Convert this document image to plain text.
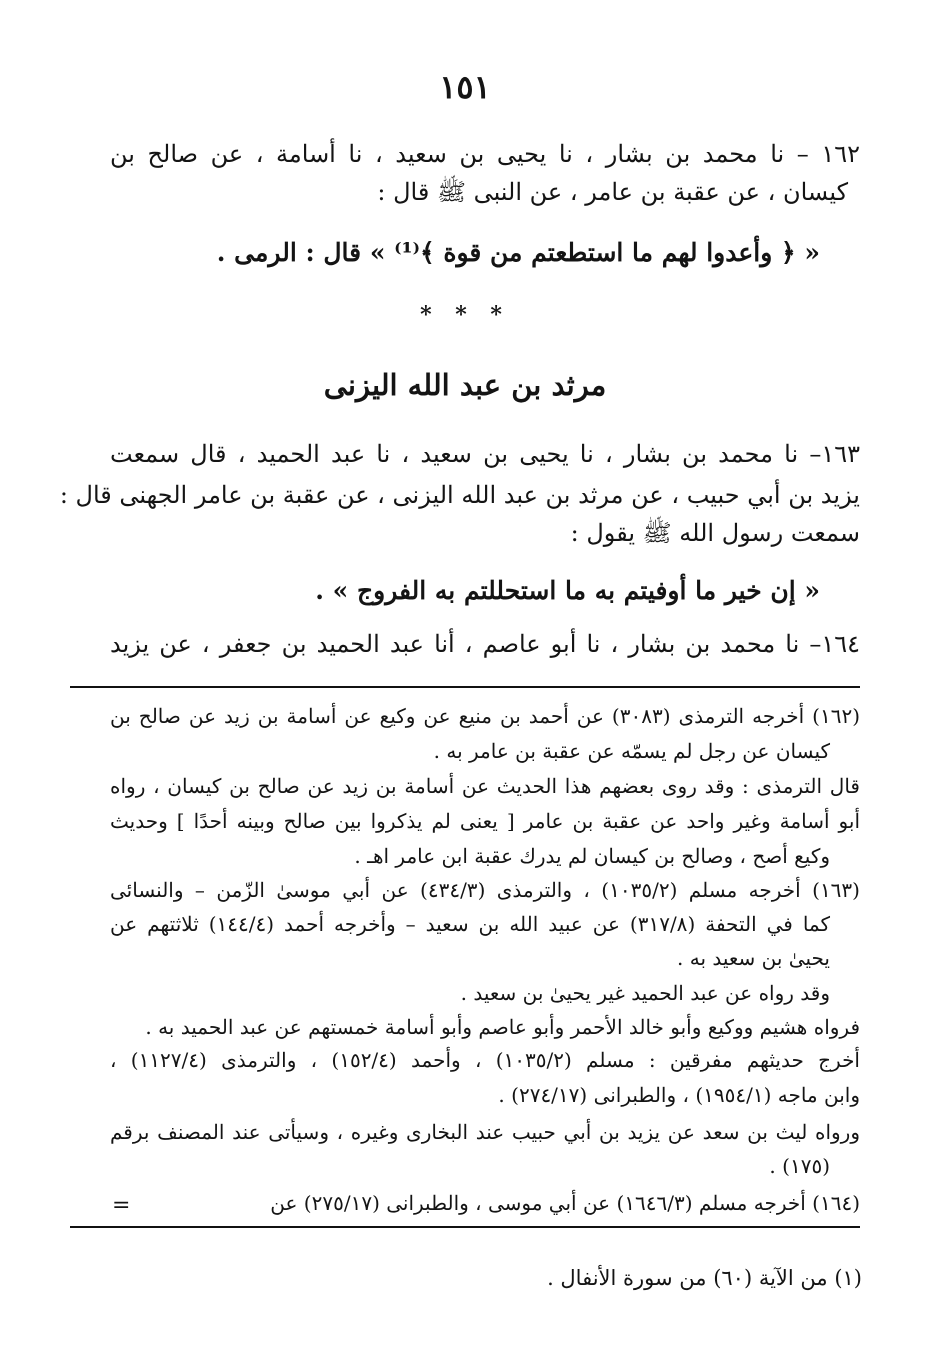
١٥١
١٦٢ – نا محمد بن بشار ، نا يحيى بن سعيد ، نا أسامة ، عن صالح بن
كيسان ، عن عقبة بن عامر ، عن النبى ﷺ قال :
« ﴿ وأعدوا لهم ما استطعتم من قوة ﴾⁽¹⁾ » قال : الرمى .
* * *
مرثد بن عبد الله اليزنى
١٦٣– نا محمد بن بشار ، نا يحيى بن سعيد ، نا عبد الحميد ، قال سمعت
يزيد بن أبي حبيب ، عن مرثد بن عبد الله اليزنى ، عن عقبة بن عامر الجهنى قال :
سمعت رسول الله ﷺ يقول :
« إن خير ما أوفيتم به ما استحللتم به الفروج » .
١٦٤– نا محمد بن بشار ، نا أبو عاصم ، أنا عبد الحميد بن جعفر ، عن يزيد
(١٦٢) أخرجه الترمذى (٣٠٨٣) عن أحمد بن منيع عن وكيع عن أسامة بن زيد عن صالح بن
كيسان عن رجل لم يسمّه عن عقبة بن عامر به .
قال الترمذى : وقد روى بعضهم هذا الحديث عن أسامة بن زيد عن صالح بن كيسان ، رواه
أبو أسامة وغير واحد عن عقبة بن عامر [ يعنى لم يذكروا بين صالح وبينه أحدًا ] وحديث
وكيع أصح ، وصالح بن كيسان لم يدرك عقبة ابن عامر اهـ .
(١٦٣) أخرجه مسلم (١٠٣٥/٢) ، والترمذى (٤٣٤/٣) عن أبي موسىٰ الزّمن – والنسائى
كما في التحفة (٣١٧/٨) عن عبيد الله بن سعيد – وأخرجه أحمد (١٤٤/٤) ثلاثتهم عن
يحيىٰ بن سعيد به .
وقد رواه عن عبد الحميد غير يحيىٰ بن سعيد .
فرواه هشيم ووكيع وأبو خالد الأحمر وأبو عاصم وأبو أسامة خمستهم عن عبد الحميد به .
أخرج حديثهم مفرقين : مسلم (١٠٣٥/٢) ، وأحمد (١٥٢/٤) ، والترمذى (١١٢٧/٤) ،
وابن ماجه (١٩٥٤/١) ، والطبرانى (٢٧٤/١٧) .
ورواه ليث بن سعد عن يزيد بن أبي حبيب عند البخارى وغيره ، وسيأتى عند المصنف برقم
(١٧٥) .
(١٦٤) أخرجه مسلم (١٦٤٦/٣) عن أبي موسى ، والطبرانى (٢٧٥/١٧) عن
=
(١) من الآية (٦٠) من سورة الأنفال .
